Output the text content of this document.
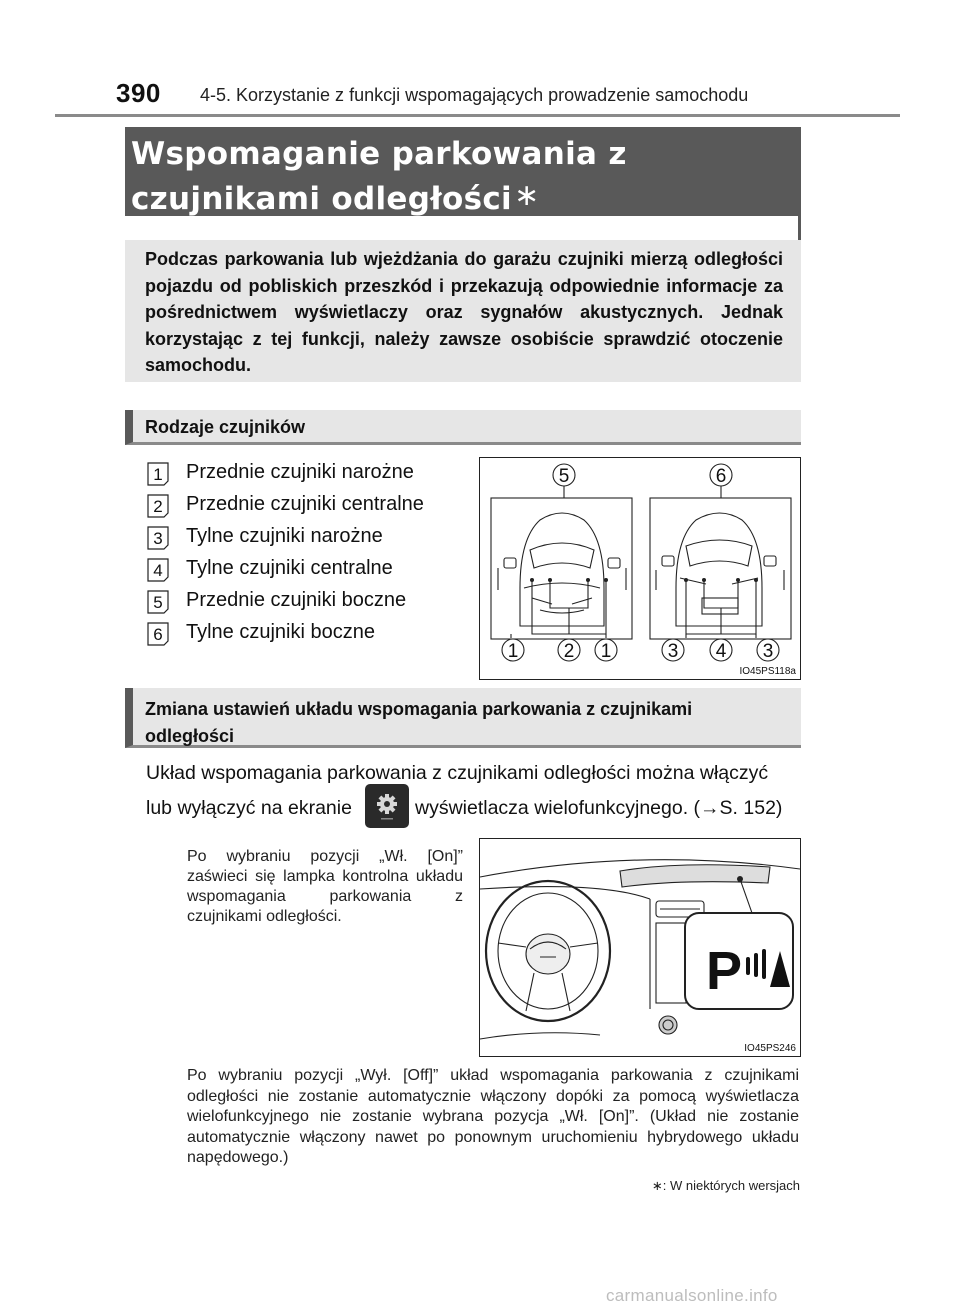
390 4-5. Korzystanie z funkcji wspomagających prowadzenie samochodu
Wspomaganie parkowania z czujnikami odległości∗
Podczas parkowania lub wjeżdżania do garażu czujniki mierzą odległości pojazdu od pobliskich przeszkód i przekazują odpowiednie informacje za pośrednictwem wyświetlaczy oraz sygnałów akustycznych. Jednak korzystając z tej funkcji, należy zawsze osobiście sprawdzić otoczenie samochodu.
Rodzaje czujników
1 Przednie czujniki narożne
2 Przednie czujniki centralne
3 Tylne czujniki narożne
4 Tylne czujniki centralne
5 Przednie czujniki boczne
6 Tylne czujniki boczne
5	6
1 2 1	3 4 3
IO45PS118a
Zmiana ustawień układu wspomagania parkowania z czujnikami odległości
Układ wspomagania parkowania z czujnikami odległości można włączyć
lub wyłączyć na ekranie	wyświetlacza wielofunkcyjnego. (→S. 152)
Po wybraniu pozycji „Wł. [On]” zaświeci się lampka kontrolna układu wspomagania parkowania z czujnikami odległości.
P
IO45PS246
Po wybraniu pozycji „Wył. [Off]” układ wspomagania parkowania z czujnikami odległości nie zostanie automatycznie włączony dopóki za pomocą wyświetlacza wielofunkcyjnego nie zostanie wybrana pozycja „Wł. [On]”. (Układ nie zostanie automatycznie włączony nawet po ponownym uruchomieniu hybrydowego układu napędowego.)
∗: W niektórych wersjach
carmanualsonline.info
